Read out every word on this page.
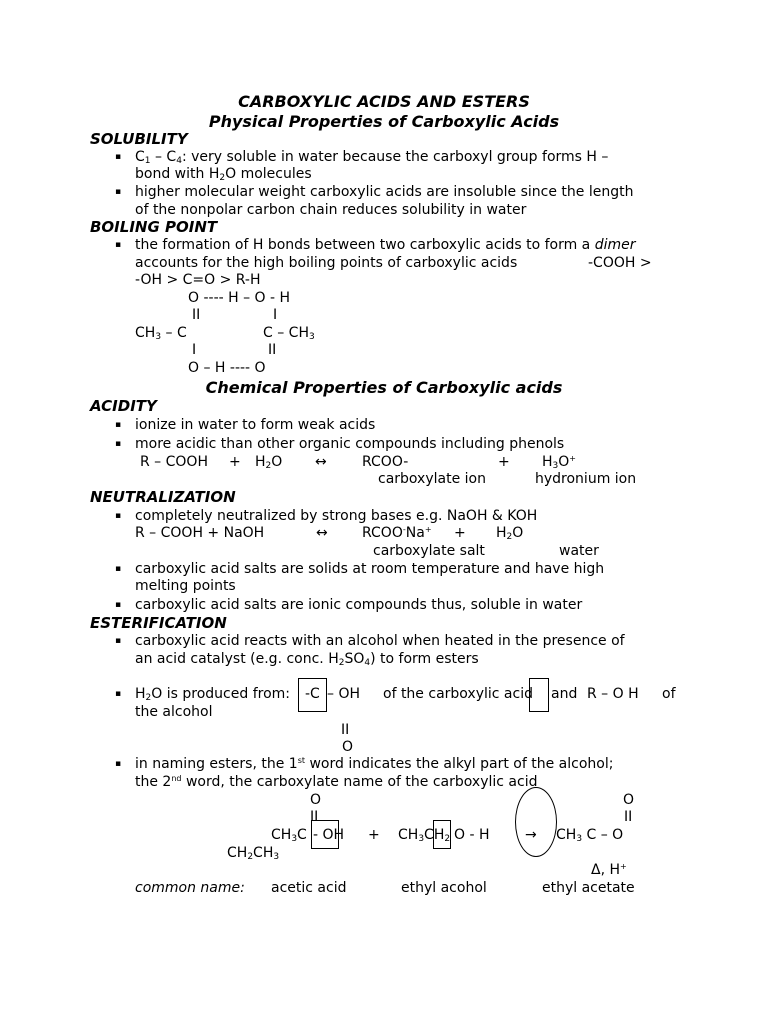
CARBOXYLIC ACIDS AND ESTERS
Physical Properties of Carboxylic Acids
SOLUBILITY
▪ $C_1 - C_4$: very soluble in water because the carboxyl group forms H –
bond with $H_2O$ molecules
▪ higher molecular weight carboxylic acids are insoluble since the length
of the nonpolar carbon chain reduces solubility in water
BOILING POINT
▪ the formation of H bonds between two carboxylic acids to form a dimer
accounts for the high boiling points of carboxylic acids	-COOH >
-OH > C=O > R-H
O ---- H – O - H
II	I
$CH_3$ – C	C – $CH_3$
I	II
O – H ---- O
Chemical Properties of Carboxylic acids
ACIDITY
▪ ionize in water to form weak acids
▪ more acidic than other organic compounds including phenols
R – COOH + $H_2O$ ↔	RCOO-	+ $H_3O^+$
carboxylate ion	hydronium ion
NEUTRALIZATION
▪ completely neutralized by strong bases e.g. NaOH & KOH
R – COOH + NaOH	↔ RCOO-Na+ + $H_2O$
carboxylate salt	water
▪ carboxylic acid salts are solids at room temperature and have high
melting points
▪ carboxylic acid salts are ionic compounds thus, soluble in water
ESTERIFICATION
▪ carboxylic acid reacts with an alcohol when heated in the presence of
an acid catalyst (e.g. conc. $H_2SO_4$) to form esters
▪ $H_2O$ is produced from: -C – OH of the carboxylic acid and R – O H of
the alcohol
II
O
▪ in naming esters, the 1st word indicates the alkyl part of the alcohol;
the 2nd word, the carboxylate name of the carboxylic acid
O	O
II	II
$CH_3C$ - OH + $CH_3CH_2$ O - H	→ $CH_3$ C – O
$CH_2CH_3$
Δ, H+
common name: acetic acid	ethyl acohol	ethyl acetate
